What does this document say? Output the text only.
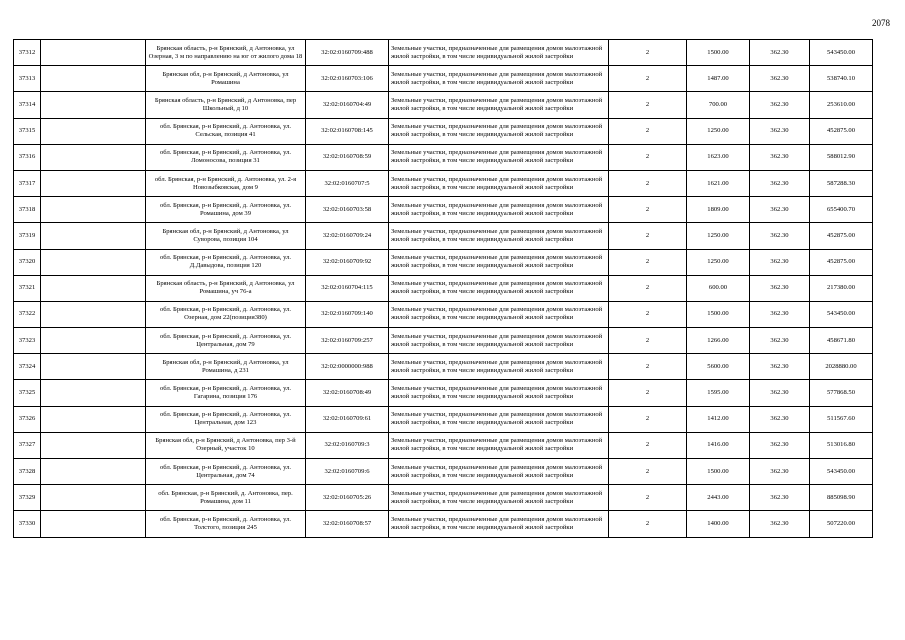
2078
37312		Брянская область, р-н Брянский, д Антоновка, ул Озерная, 3 м по направлению на юг от жилого дома 18	32:02:0160709:488	Земельные участки, предназначенные для размещения домов малоэтажной жилой застройки, в том числе индивидуальной жилой застройки	2	1500.00	362.30	543450.00
37313		Брянская обл, р-н Брянский, д Антоновка, ул Ромашина	32:02:0160703:106	Земельные участки, предназначенные для размещения домов малоэтажной жилой застройки, в том числе индивидуальной жилой застройки	2	1487.00	362.30	538740.10
37314		Брянская область, р-н Брянский, д Антоновка, пер Школьный, д 10	32:02:0160704:49	Земельные участки, предназначенные для размещения домов малоэтажной жилой застройки, в том числе индивидуальной жилой застройки	2	700.00	362.30	253610.00
37315		обл. Брянская, р-н Брянский, д. Антоновка, ул. Сельская, позиция 41	32:02:0160708:145	Земельные участки, предназначенные для размещения домов малоэтажной жилой застройки, в том числе индивидуальной жилой застройки	2	1250.00	362.30	452875.00
37316		обл. Брянская, р-н Брянский, д. Антоновка, ул. Ломоносова, позиция 31	32:02:0160708:59	Земельные участки, предназначенные для размещения домов малоэтажной жилой застройки, в том числе индивидуальной жилой застройки	2	1623.00	362.30	588012.90
37317		обл. Брянская, р-н Брянский, д. Антоновка, ул. 2-я Новозыбковская, дом 9	32:02:0160707:5	Земельные участки, предназначенные для размещения домов малоэтажной жилой застройки, в том числе индивидуальной жилой застройки	2	1621.00	362.30	587288.30
37318		обл. Брянская, р-н Брянский, д. Антоновка, ул. Ромашина, дом 39	32:02:0160703:58	Земельные участки, предназначенные для размещения домов малоэтажной жилой застройки, в том числе индивидуальной жилой застройки	2	1809.00	362.30	655400.70
37319		Брянская обл, р-н Брянский, д Антоновка, ул Суворова, позиция 104	32:02:0160709:24	Земельные участки, предназначенные для размещения домов малоэтажной жилой застройки, в том числе индивидуальной жилой застройки	2	1250.00	362.30	452875.00
37320		обл. Брянская, р-н Брянский, д. Антоновка, ул. Д.Давыдова, позиция 120	32:02:0160709:92	Земельные участки, предназначенные для размещения домов малоэтажной жилой застройки, в том числе индивидуальной жилой застройки	2	1250.00	362.30	452875.00
37321		Брянская область, р-н Брянский, д Антоновка, ул Ромашина, уч 76-а	32:02:0160704:115	Земельные участки, предназначенные для размещения домов малоэтажной жилой застройки, в том числе индивидуальной жилой застройки	2	600.00	362.30	217380.00
37322		обл. Брянская, р-н Брянский, д. Антоновка, ул. Озерная, дом 22(позиция380)	32:02:0160709:140	Земельные участки, предназначенные для размещения домов малоэтажной жилой застройки, в том числе индивидуальной жилой застройки	2	1500.00	362.30	543450.00
37323		обл. Брянская, р-н Брянский, д. Антоновка, ул. Центральная, дом 79	32:02:0160709:257	Земельные участки, предназначенные для размещения домов малоэтажной жилой застройки, в том числе индивидуальной жилой застройки	2	1266.00	362.30	458671.80
37324		Брянская обл, р-н Брянский, д Антоновка, ул Ромашина, д 231	32:02:0000000:988	Земельные участки, предназначенные для размещения домов малоэтажной жилой застройки, в том числе индивидуальной жилой застройки	2	5600.00	362.30	2028880.00
37325		обл. Брянская, р-н Брянский, д. Антоновка, ул. Гагарина, позиция 176	32:02:0160708:49	Земельные участки, предназначенные для размещения домов малоэтажной жилой застройки, в том числе индивидуальной жилой застройки	2	1595.00	362.30	577868.50
37326		обл. Брянская, р-н Брянский, д. Антоновка, ул. Центральная, дом 123	32:02:0160709:61	Земельные участки, предназначенные для размещения домов малоэтажной жилой застройки, в том числе индивидуальной жилой застройки	2	1412.00	362.30	511567.60
37327		Брянская обл, р-н Брянский, д Антоновка, пер 3-й Озерный, участок 10	32:02:0160709:3	Земельные участки, предназначенные для размещения домов малоэтажной жилой застройки, в том числе индивидуальной жилой застройки	2	1416.00	362.30	513016.80
37328		обл. Брянская, р-н Брянский, д. Антоновка, ул. Центральная, дом 74	32:02:0160709:6	Земельные участки, предназначенные для размещения домов малоэтажной жилой застройки, в том числе индивидуальной жилой застройки	2	1500.00	362.30	543450.00
37329		обл. Брянская, р-н Брянский, д. Антоновка, пер. Ромашина, дом 11	32:02:0160705:26	Земельные участки, предназначенные для размещения домов малоэтажной жилой застройки, в том числе индивидуальной жилой застройки	2	2443.00	362.30	885098.90
37330		обл. Брянская, р-н Брянский, д. Антоновка, ул. Толстого, позиция 245	32:02:0160708:57	Земельные участки, предназначенные для размещения домов малоэтажной жилой застройки, в том числе индивидуальной жилой застройки	2	1400.00	362.30	507220.00
